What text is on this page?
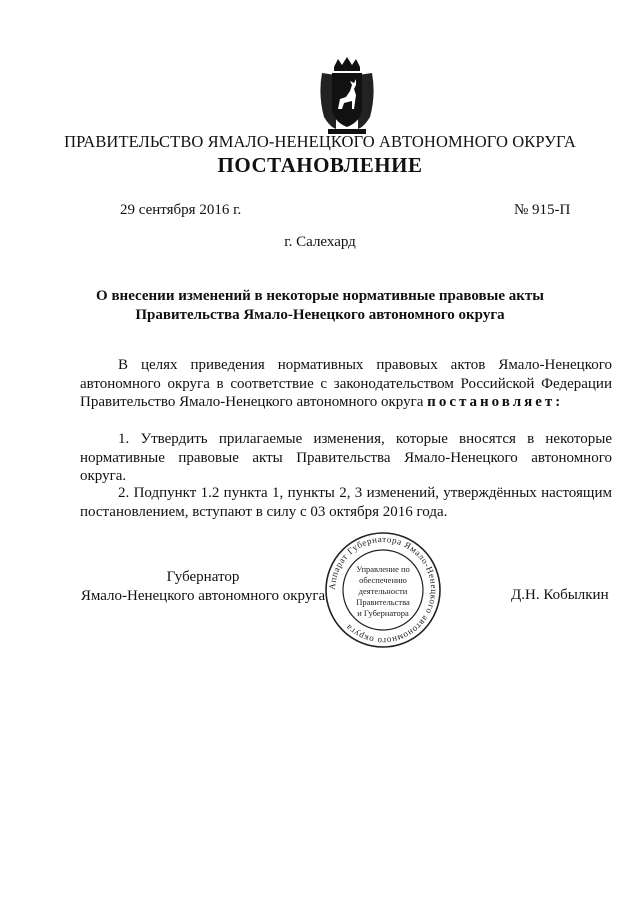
ПРАВИТЕЛЬСТВО ЯМАЛО-НЕНЕЦКОГО АВТОНОМНОГО ОКРУГА
ПОСТАНОВЛЕНИЕ
29 сентября 2016 г.	№ 915-П
г. Салехард
О внесении изменений в некоторые нормативные правовые акты
Правительства Ямало-Ненецкого автономного округа
В целях приведения нормативных правовых актов Ямало-Ненецкого автономного округа в соответствие с законодательством Российской Федерации Правительство Ямало-Ненецкого автономного округа постановляет:
1. Утвердить прилагаемые изменения, которые вносятся в некоторые нормативные правовые акты Правительства Ямало-Ненецкого автономного округа.
2. Подпункт 1.2 пункта 1, пункты 2, 3 изменений, утверждённых настоящим постановлением, вступают в силу с 03 октября 2016 года.
Губернатор
Ямало-Ненецкого автономного округа
Аппарат Губернатора Ямало-Ненецкого автономного округа
Управление по
обеспечению
деятельности
Правительства
и Губернатора
Д.Н. Кобылкин
